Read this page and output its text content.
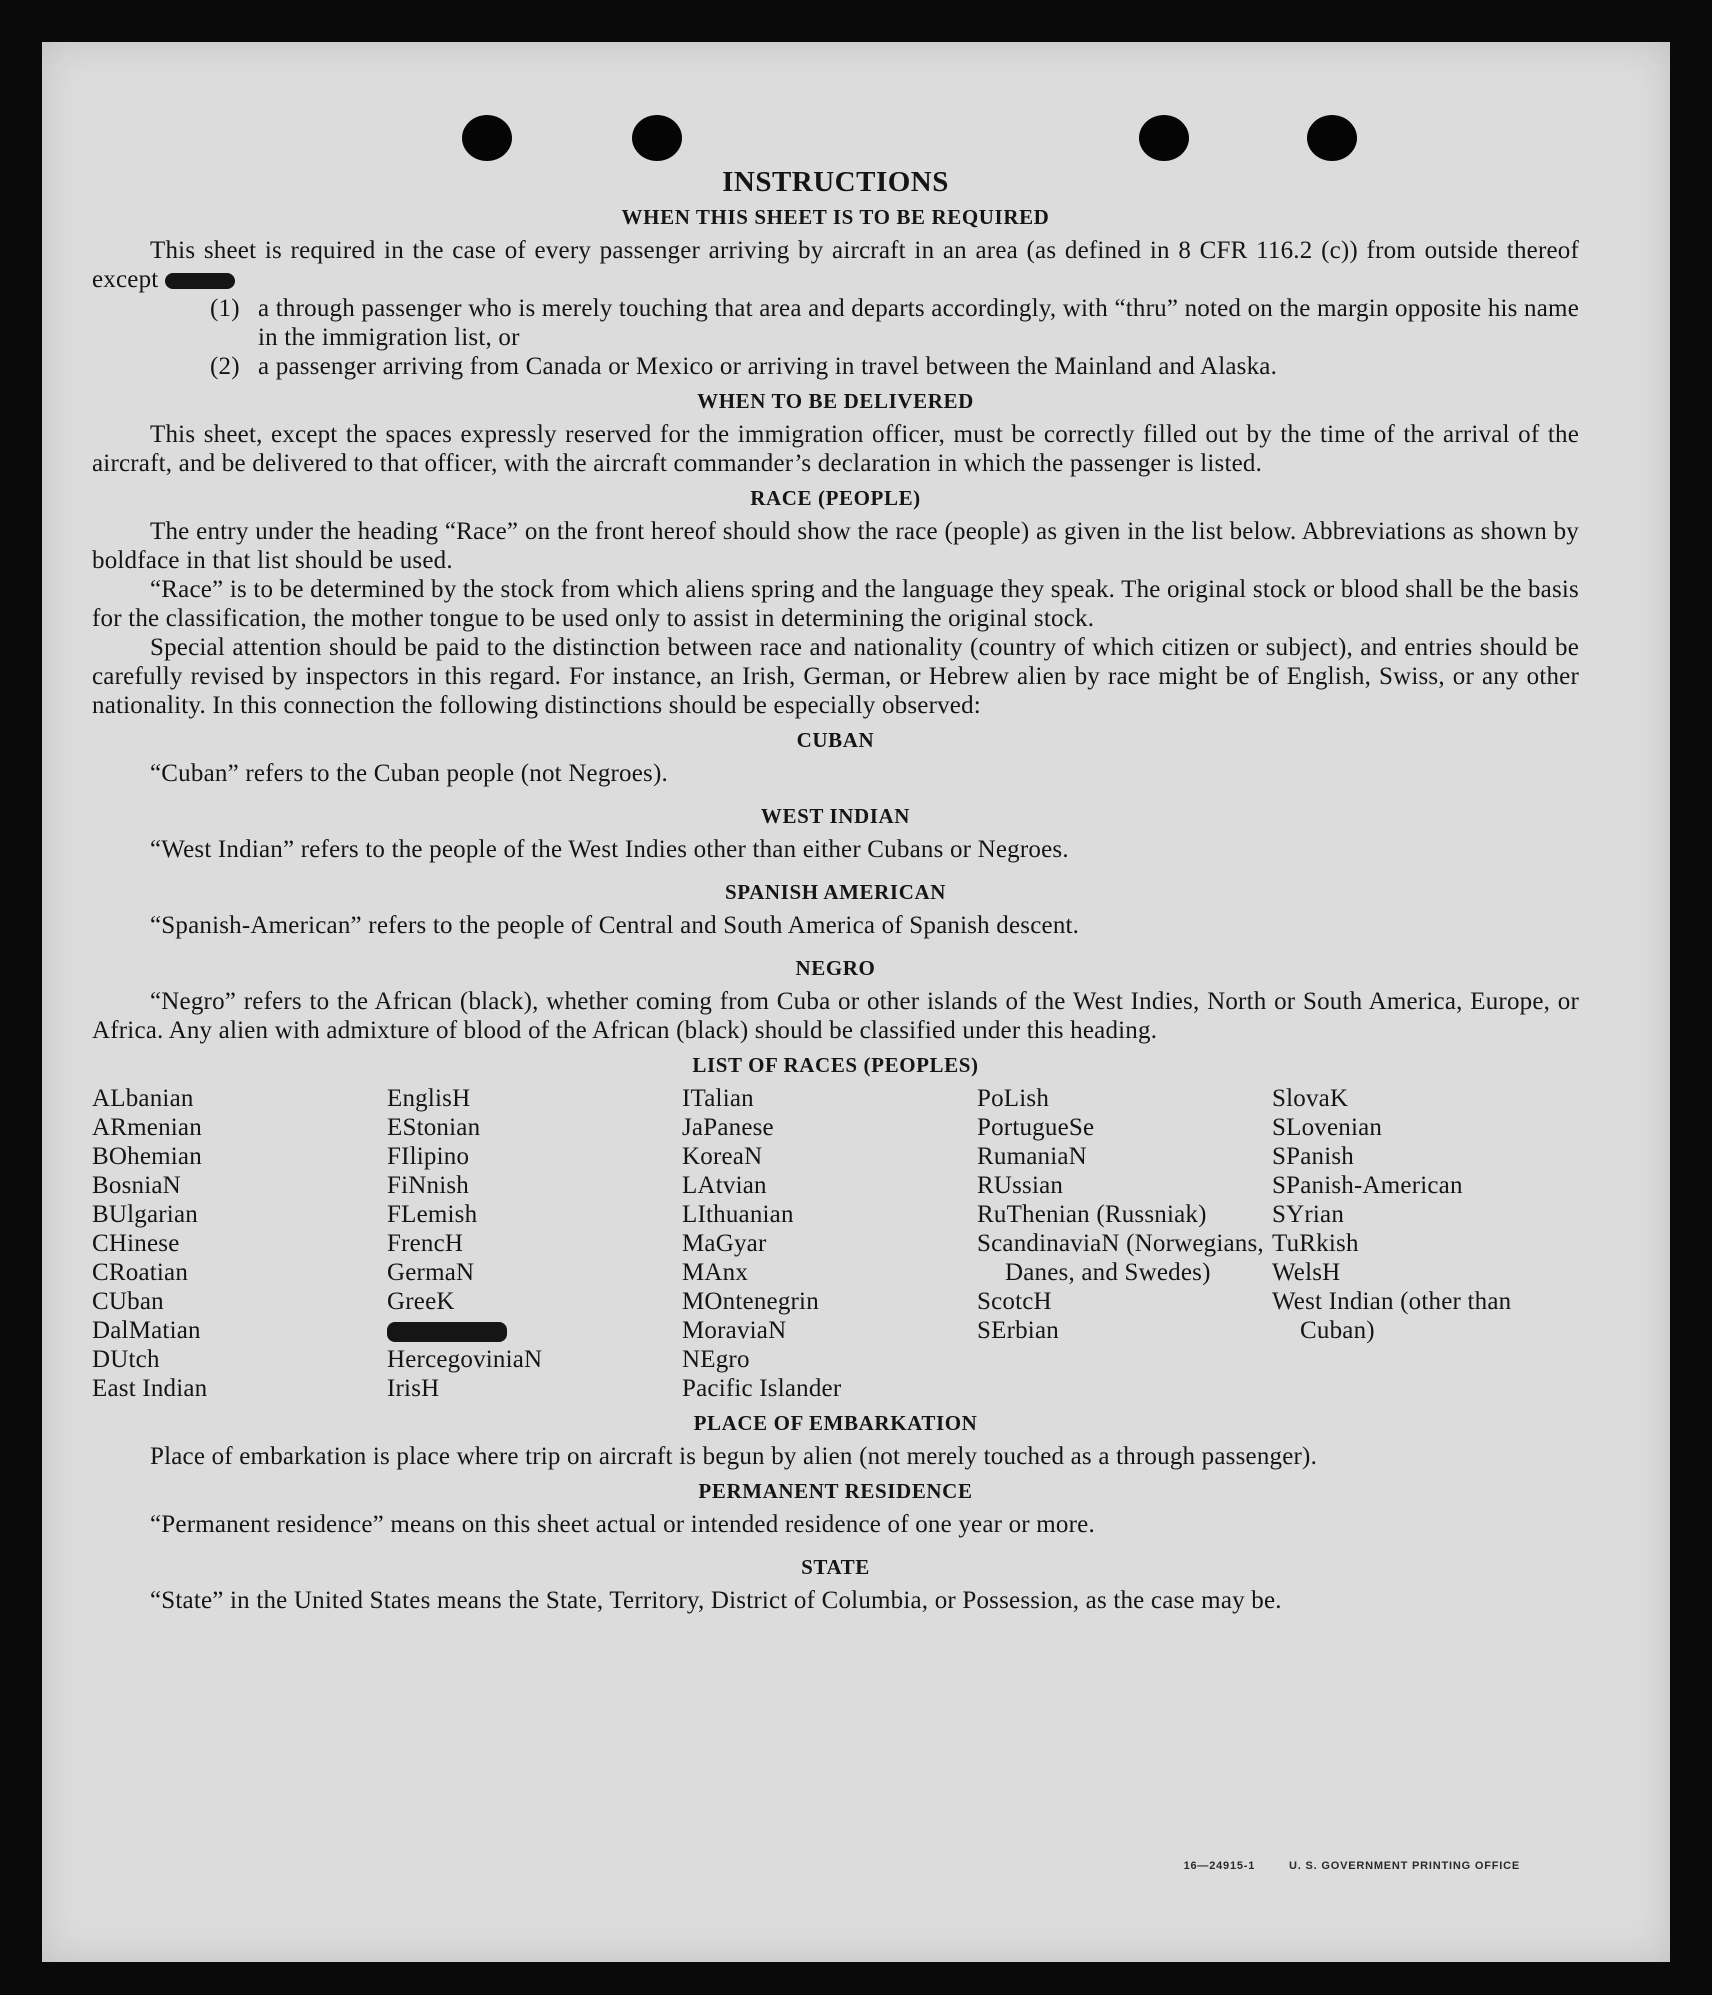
INSTRUCTIONS
WHEN THIS SHEET IS TO BE REQUIRED

This sheet is required in the case of every passenger arriving by aircraft in an area (as defined in 8 CFR 116.2 (c)) from outside thereof except

(1) a through passenger who is merely touching that area and departs accordingly, with “thru” noted on the margin opposite his name in the immigration list, or
(2) a passenger arriving from Canada or Mexico or arriving in travel between the Mainland and Alaska.
WHEN TO BE DELIVERED

This sheet, except the spaces expressly reserved for the immigration officer, must be correctly filled out by the time of the arrival of the aircraft, and be delivered to that officer, with the aircraft commander’s declaration in which the passenger is listed.

RACE (PEOPLE)

The entry under the heading “Race” on the front hereof should show the race (people) as given in the list below. Abbreviations as shown by boldface in that list should be used.

“Race” is to be determined by the stock from which aliens spring and the language they speak. The original stock or blood shall be the basis for the classification, the mother tongue to be used only to assist in determining the original stock.

Special attention should be paid to the distinction between race and nationality (country of which citizen or subject), and entries should be carefully revised by inspectors in this regard. For instance, an Irish, German, or Hebrew alien by race might be of English, Swiss, or any other nationality. In this connection the following distinctions should be especially observed:

CUBAN

“Cuban” refers to the Cuban people (not Negroes).

WEST INDIAN

“West Indian” refers to the people of the West Indies other than either Cubans or Negroes.

SPANISH AMERICAN

“Spanish-American” refers to the people of Central and South America of Spanish descent.

NEGRO

“Negro” refers to the African (black), whether coming from Cuba or other islands of the West Indies, North or South America, Europe, or Africa. Any alien with admixture of blood of the African (black) should be classified under this heading.

LIST OF RACES (PEOPLES)
ALbanian
ARmenian
BOhemian
BosniaN
BUlgarian
CHinese
CRoatian
CUban
DalMatian
DUtch
East Indian
EnglisH
EStonian
FIlipino
FiNnish
FLemish
FrencH
GermaN
GreeK
HercegoviniaN
IrisH
ITalian
JaPanese
KoreaN
LAtvian
LIthuanian
MaGyar
MAnx
MOntenegrin
MoraviaN
NEgro
Pacific Islander
PoLish
PortugueSe
RumaniaN
RUssian
RuThenian (Russniak)
ScandinaviaN (Norwegians, Danes, and Swedes)
ScotcH
SErbian
SlovaK
SLovenian
SPanish
SPanish-American
SYrian
TuRkish
WelsH
West Indian (other than Cuban)
PLACE OF EMBARKATION

Place of embarkation is place where trip on aircraft is begun by alien (not merely touched as a through passenger).

PERMANENT RESIDENCE

“Permanent residence” means on this sheet actual or intended residence of one year or more.

STATE

“State” in the United States means the State, Territory, District of Columbia, or Possession, as the case may be.

16—24915-1	U. S. GOVERNMENT PRINTING OFFICE
